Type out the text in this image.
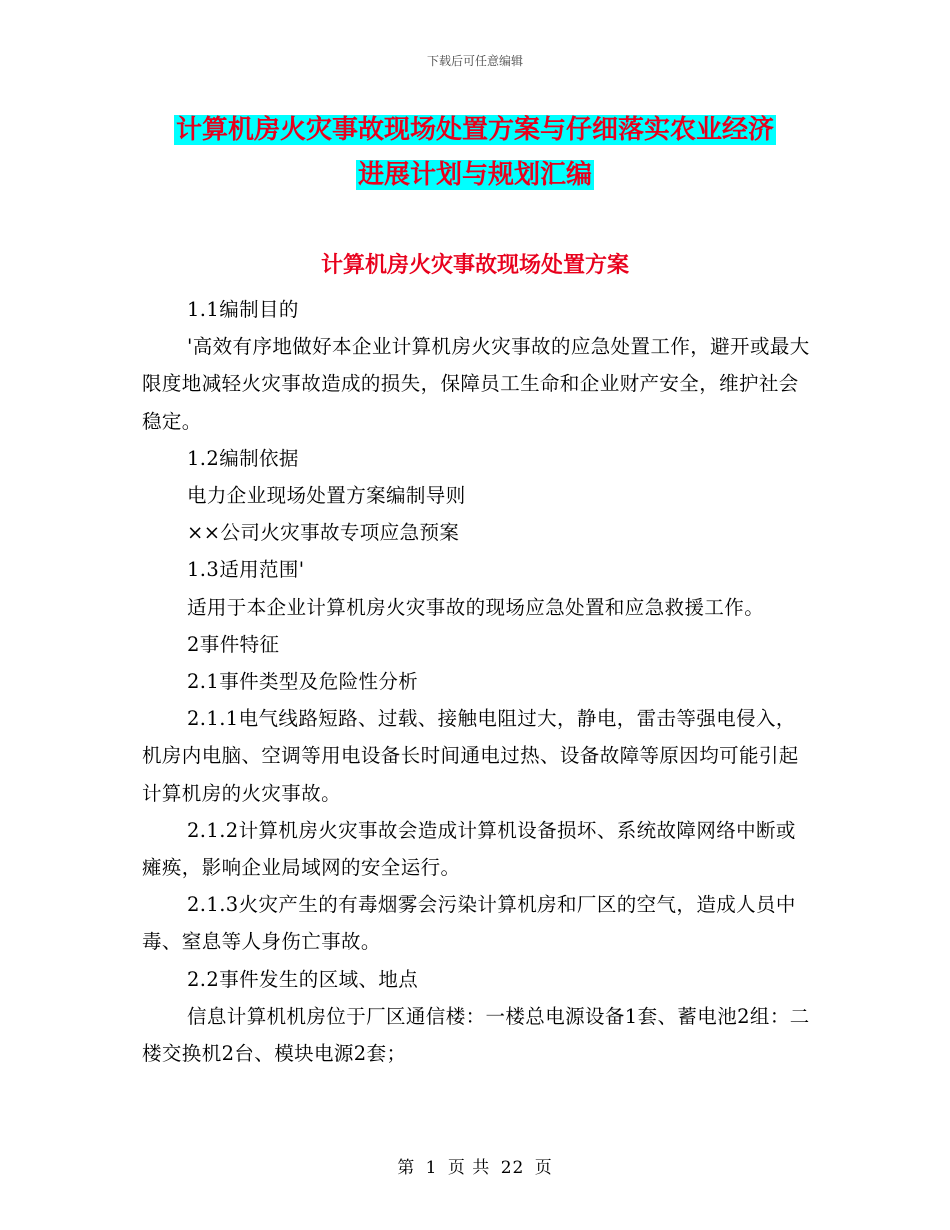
下载后可任意编辑
计算机房火灾事故现场处置方案与仔细落实农业经济
进展计划与规划汇编
计算机房火灾事故现场处置方案

1.1编制目的

'高效有序地做好本企业计算机房火灾事故的应急处置工作，避开或最大限度地减轻火灾事故造成的损失，保障员工生命和企业财产安全，维护社会稳定。

1.2编制依据

电力企业现场处置方案编制导则

××公司火灾事故专项应急预案

1.3适用范围'

适用于本企业计算机房火灾事故的现场应急处置和应急救援工作。

2事件特征

2.1事件类型及危险性分析

2.1.1电气线路短路、过载、接触电阻过大，静电，雷击等强电侵入，机房内电脑、空调等用电设备长时间通电过热、设备故障等原因均可能引起计算机房的火灾事故。

2.1.2计算机房火灾事故会造成计算机设备损坏、系统故障网络中断或瘫痪，影响企业局域网的安全运行。

2.1.3火灾产生的有毒烟雾会污染计算机房和厂区的空气，造成人员中毒、窒息等人身伤亡事故。

2.2事件发生的区域、地点

信息计算机机房位于厂区通信楼：一楼总电源设备1套、蓄电池2组：二楼交换机2台、模块电源2套；

第 1 页 共 22 页
